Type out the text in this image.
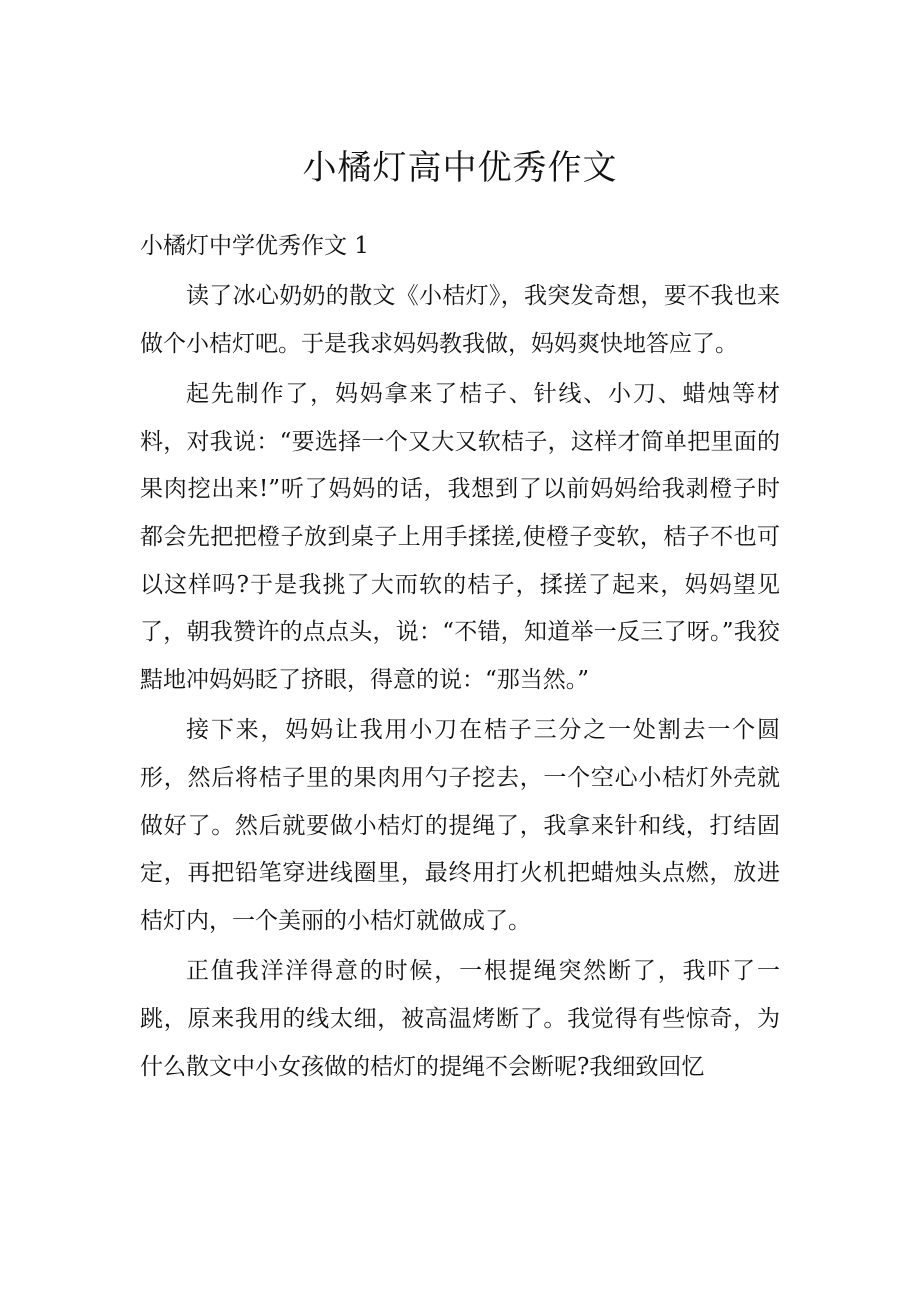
小橘灯高中优秀作文
小橘灯中学优秀作文 1

读了冰心奶奶的散文《小桔灯》，我突发奇想，要不我也来做个小桔灯吧。于是我求妈妈教我做，妈妈爽快地答应了。

起先制作了，妈妈拿来了桔子、针线、小刀、蜡烛等材料，对我说：“要选择一个又大又软桔子，这样才简单把里面的果肉挖出来!”听了妈妈的话，我想到了以前妈妈给我剥橙子时都会先把把橙子放到桌子上用手揉搓,使橙子变软，桔子不也可以这样吗?于是我挑了大而软的桔子，揉搓了起来，妈妈望见了，朝我赞许的点点头，说：“不错，知道举一反三了呀。”我狡黠地冲妈妈眨了挤眼，得意的说：“那当然。”

接下来，妈妈让我用小刀在桔子三分之一处割去一个圆形，然后将桔子里的果肉用勺子挖去，一个空心小桔灯外壳就做好了。然后就要做小桔灯的提绳了，我拿来针和线，打结固定，再把铅笔穿进线圈里，最终用打火机把蜡烛头点燃，放进桔灯内，一个美丽的小桔灯就做成了。

正值我洋洋得意的时候，一根提绳突然断了，我吓了一跳，原来我用的线太细，被高温烤断了。我觉得有些惊奇，为什么散文中小女孩做的桔灯的提绳不会断呢?我细致回忆
